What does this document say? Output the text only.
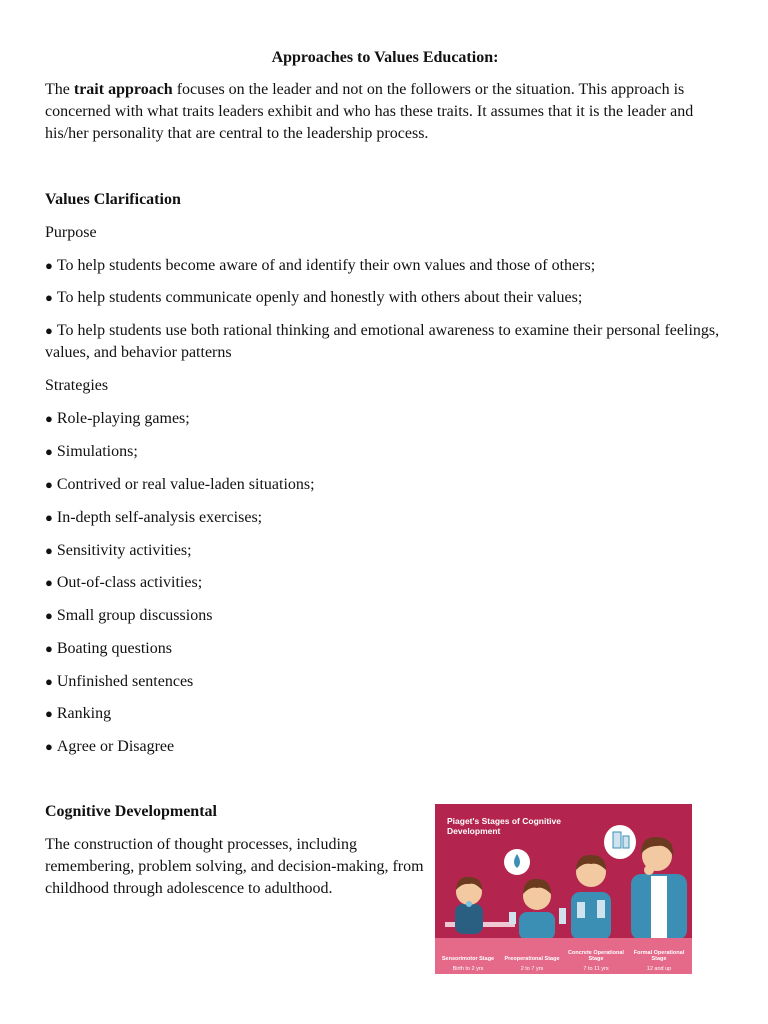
Approaches to Values Education:
The trait approach focuses on the leader and not on the followers or the situation. This approach is concerned with what traits leaders exhibit and who has these traits. It assumes that it is the leader and his/her personality that are central to the leadership process.
Values Clarification
Purpose
● To help students become aware of and identify their own values and those of others;
● To help students communicate openly and honestly with others about their values;
● To help students use both rational thinking and emotional awareness to examine their personal feelings, values, and behavior patterns
Strategies
● Role-playing games;
● Simulations;
● Contrived or real value-laden situations;
● In-depth self-analysis exercises;
● Sensitivity activities;
● Out-of-class activities;
● Small group discussions
● Boating questions
● Unfinished sentences
● Ranking
● Agree or Disagree
Cognitive Developmental
The construction of thought processes, including remembering, problem solving, and decision-making, from childhood through adolescence to adulthood.
Piaget's Stages of Cognitive Development
Sensorimotor Stage
Birth to 2 yrs
Preoperational Stage
2 to 7 yrs
Concrete Operational Stage
7 to 11 yrs
Formal Operational Stage
12 and up
